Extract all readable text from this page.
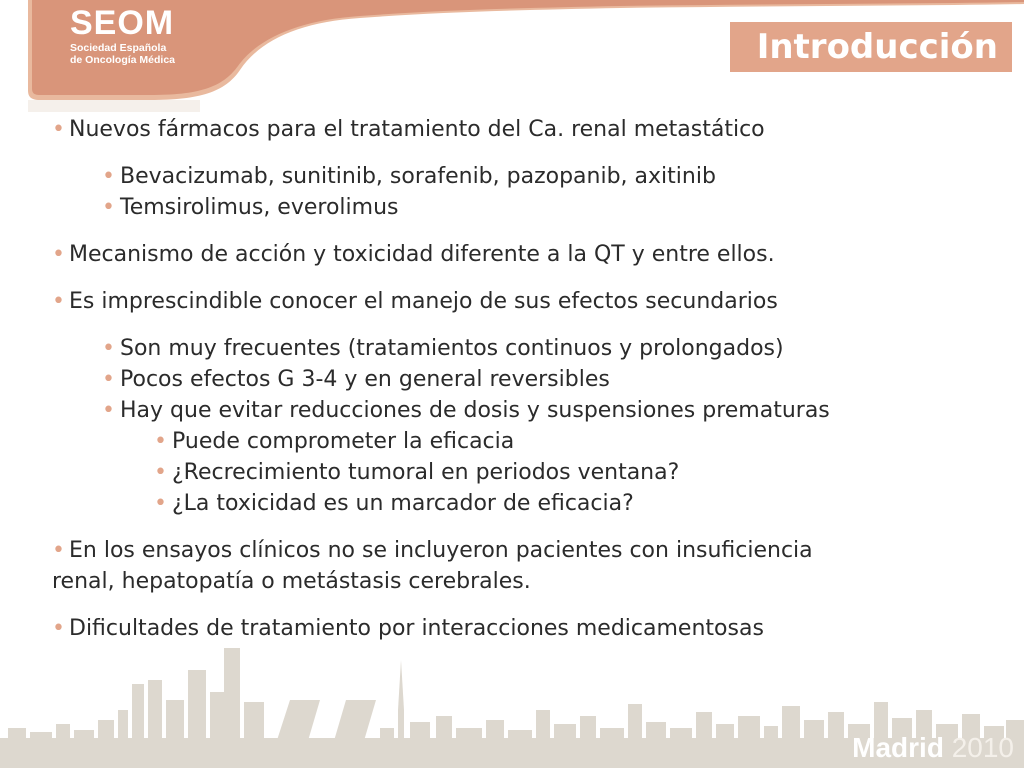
SEOM
Sociedad Española
de Oncología Médica	Introducción
• Nuevos fármacos para el tratamiento del Ca. renal metastático
• Bevacizumab, sunitinib, sorafenib, pazopanib, axitinib
• Temsirolimus, everolimus
• Mecanismo de acción y toxicidad diferente a la QT y entre ellos.
• Es imprescindible conocer el manejo de sus efectos secundarios
• Son muy frecuentes (tratamientos continuos y prolongados)
• Pocos efectos G 3-4 y en general reversibles
• Hay que evitar reducciones de dosis y suspensiones prematuras
• Puede comprometer la eficacia
• ¿Recrecimiento tumoral en periodos ventana?
• ¿La toxicidad es un marcador de eficacia?
• En los ensayos clínicos no se incluyeron pacientes con insuficiencia
renal, hepatopatía o metástasis cerebrales.
• Dificultades de tratamiento por interacciones medicamentosas
Madrid 2010
